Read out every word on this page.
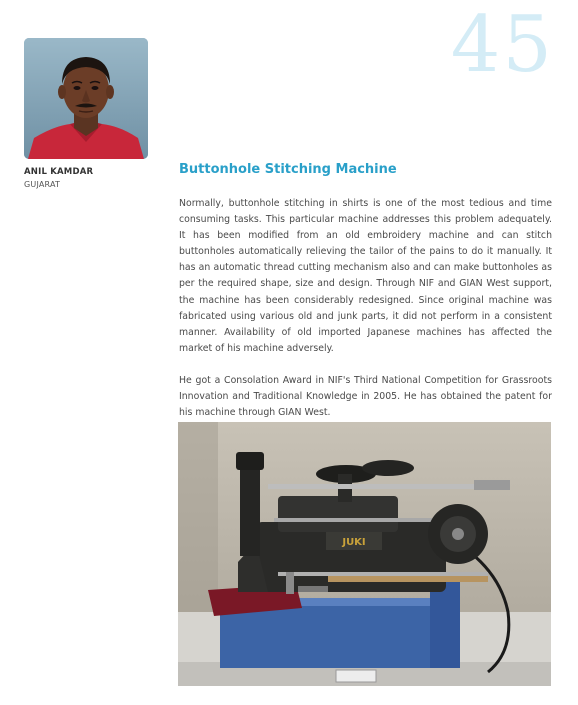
45
ANIL KAMDAR
GUJARAT
Buttonhole Stitching Machine

Normally, buttonhole stitching in shirts is one of the most tedious and time consuming tasks. This particular machine addresses this problem adequately. It has been modified from an old embroidery machine and can stitch buttonholes automatically relieving the tailor of the pains to do it manually. It has an automatic thread cutting mechanism also and can make buttonholes as per the required shape, size and design. Through NIF and GIAN West support, the machine has been considerably redesigned. Since original machine was fabricated using various old and junk parts, it did not perform in a consistent manner. Availability of old imported Japanese machines has affected the market of his machine adversely.

He got a Consolation Award in NIF's Third National Competition for Grassroots Innovation and Traditional Knowledge in 2005. He has obtained the patent for his machine through GIAN West.

JUKI
